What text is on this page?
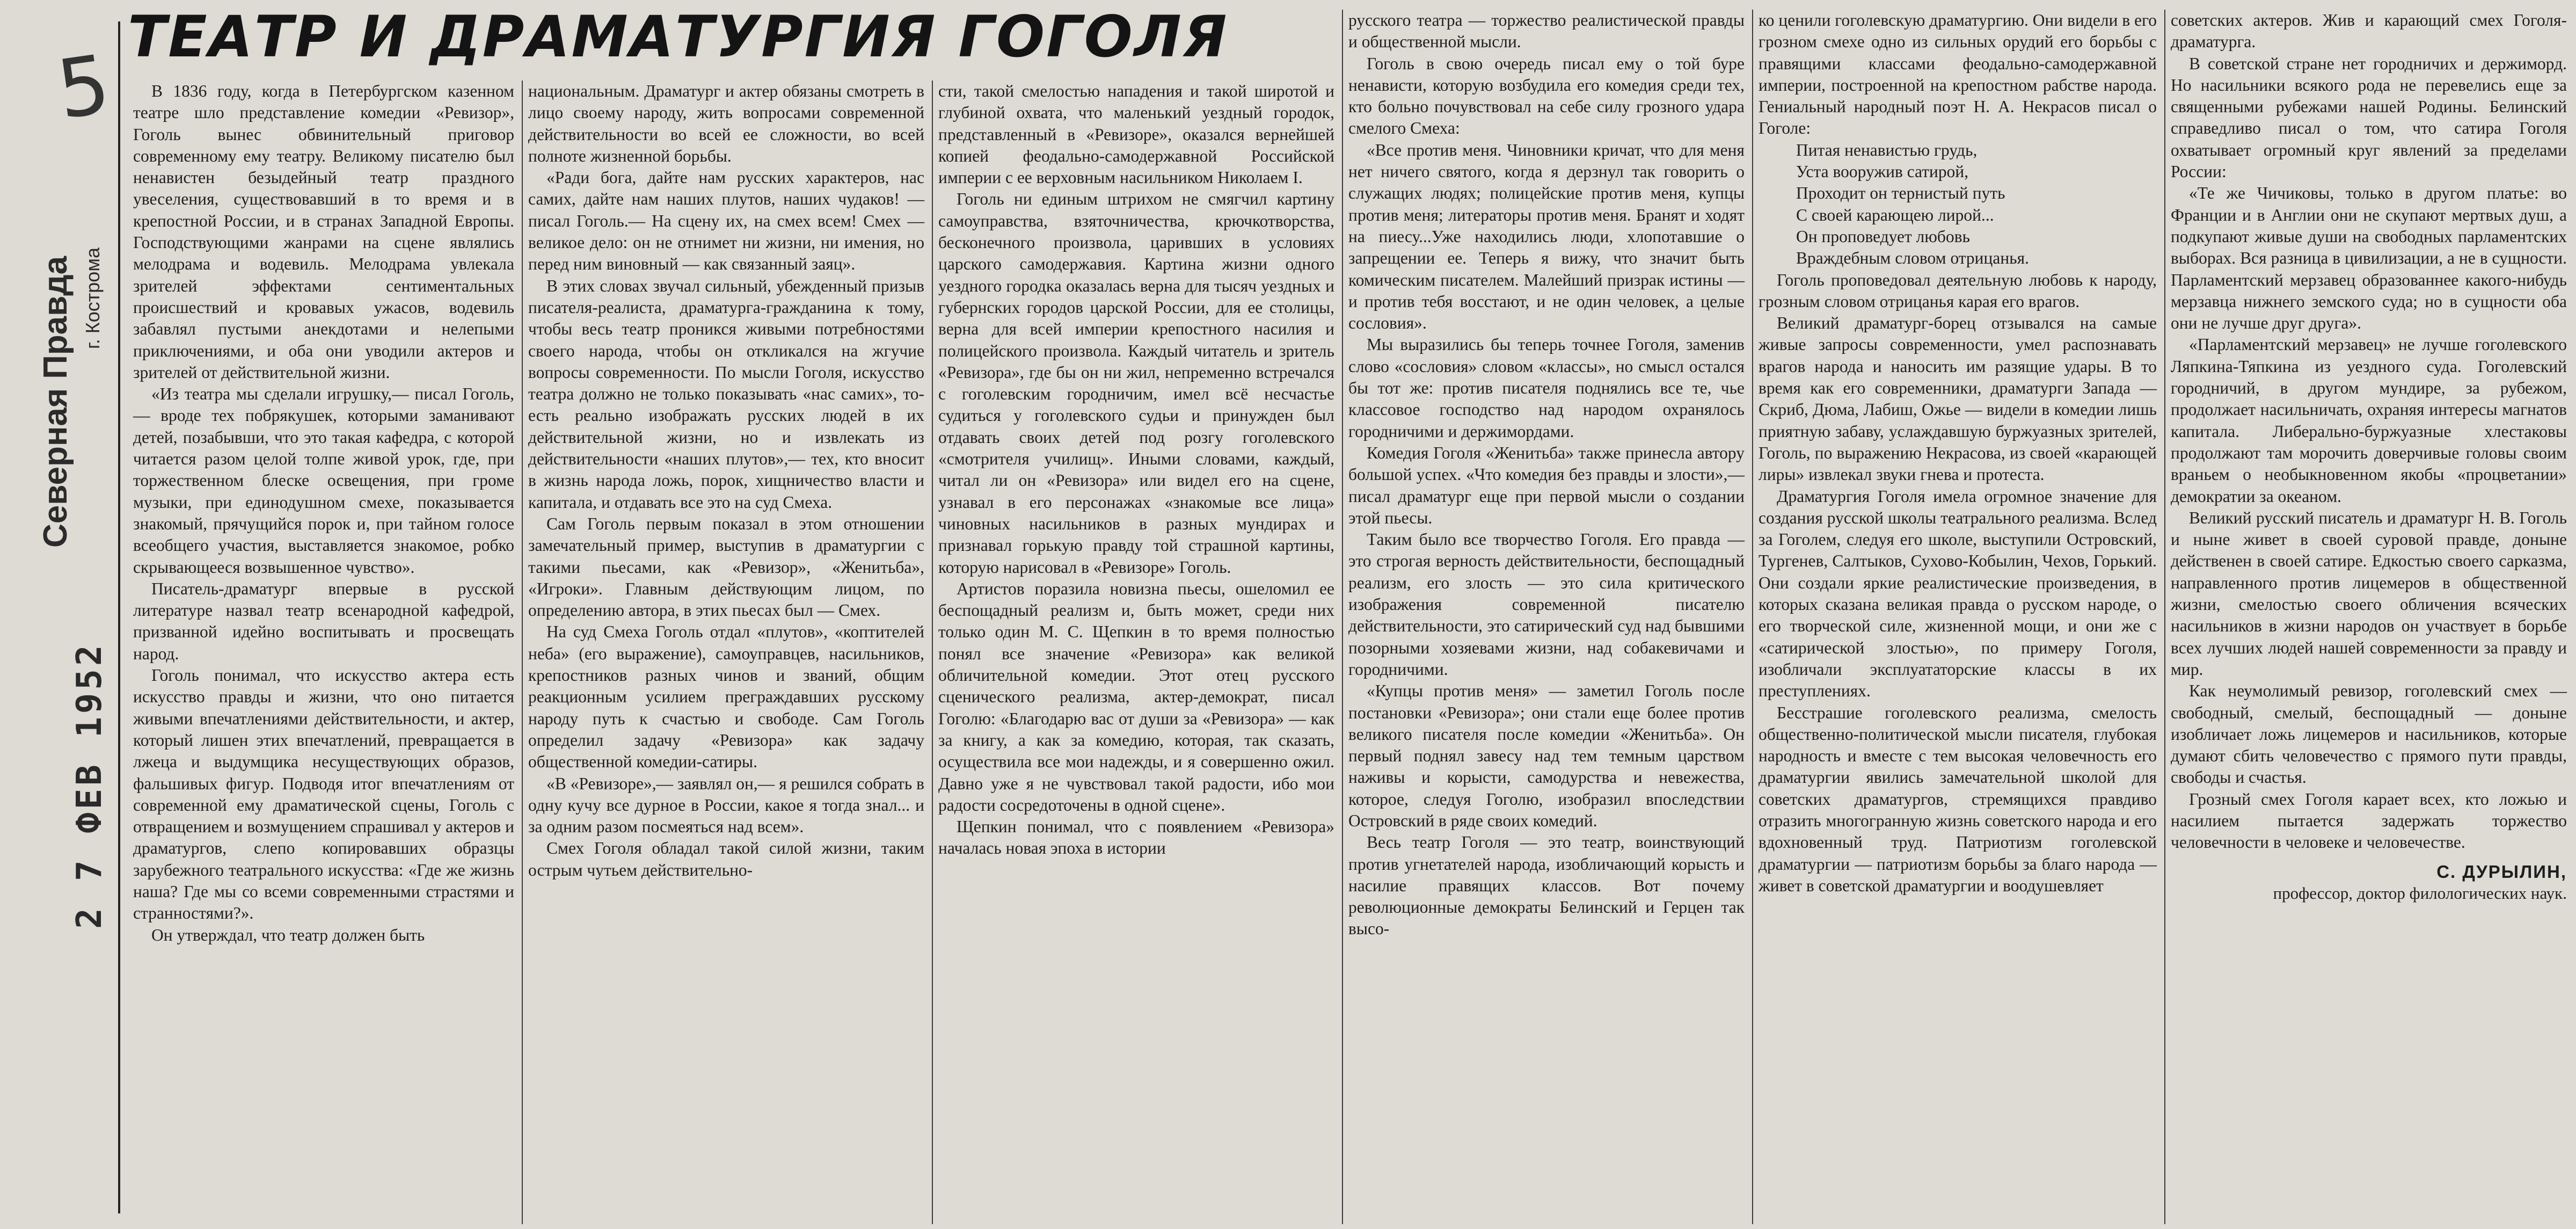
5
Северная Правда г. Кострома
2 7 ФЕВ 1952
ТЕАТР И ДРАМАТУРГИЯ ГОГОЛЯ

В 1836 году, когда в Петербургском казенном театре шло представление комедии «Ревизор», Гоголь вынес обвинительный приговор современному ему театру. Великому писателю был ненавистен безыдейный театр праздного увеселения, существовавший в то время и в крепостной России, и в странах Западной Европы. Господствующими жанрами на сцене являлись мелодрама и водевиль. Мелодрама увлекала зрителей эффектами сентиментальных происшествий и кровавых ужасов, водевиль забавлял пустыми анекдотами и нелепыми приключениями, и оба они уводили актеров и зрителей от действительной жизни.

«Из театра мы сделали игрушку,— писал Гоголь,— вроде тех побрякушек, которыми заманивают детей, позабывши, что это такая кафедра, с которой читается разом целой толпе живой урок, где, при торжественном блеске освещения, при громе музыки, при единодушном смехе, показывается знакомый, прячущийся порок и, при тайном голосе всеобщего участия, выставляется знакомое, робко скрывающееся возвышенное чувство».

Писатель-драматург впервые в русской литературе назвал театр всенародной кафедрой, призванной идейно воспитывать и просвещать народ.

Гоголь понимал, что искусство актера есть искусство правды и жизни, что оно питается живыми впечатлениями действительности, и актер, который лишен этих впечатлений, превращается в лжеца и выдумщика несуществующих образов, фальшивых фигур. Подводя итог впечатлениям от современной ему драматической сцены, Гоголь с отвращением и возмущением спрашивал у актеров и драматургов, слепо копировавших образцы зарубежного театрального искусства: «Где же жизнь наша? Где мы со всеми современными страстями и странностями?».

Он утверждал, что театр должен быть

национальным. Драматург и актер обязаны смотреть в лицо своему народу, жить вопросами современной действительности во всей ее сложности, во всей полноте жизненной борьбы.

«Ради бога, дайте нам русских характеров, нас самих, дайте нам наших плутов, наших чудаков! — писал Гоголь.— На сцену их, на смех всем! Смех — великое дело: он не отнимет ни жизни, ни имения, но перед ним виновный — как связанный заяц».

В этих словах звучал сильный, убежденный призыв писателя-реалиста, драматурга-гражданина к тому, чтобы весь театр проникся живыми потребностями своего народа, чтобы он откликался на жгучие вопросы современности. По мысли Гоголя, искусство театра должно не только показывать «нас самих», то-есть реально изображать русских людей в их действительной жизни, но и извлекать из действительности «наших плутов»,— тех, кто вносит в жизнь народа ложь, порок, хищничество власти и капитала, и отдавать все это на суд Смеха.

Сам Гоголь первым показал в этом отношении замечательный пример, выступив в драматургии с такими пьесами, как «Ревизор», «Женитьба», «Игроки». Главным действующим лицом, по определению автора, в этих пьесах был — Смех.

На суд Смеха Гоголь отдал «плутов», «коптителей неба» (его выражение), самоуправцев, насильников, крепостников разных чинов и званий, общим реакционным усилием преграждавших русскому народу путь к счастью и свободе. Сам Гоголь определил задачу «Ревизора» как задачу общественной комедии-сатиры.

«В «Ревизоре»,— заявлял он,— я решился собрать в одну кучу все дурное в России, какое я тогда знал... и за одним разом посмеяться над всем».

Смех Гоголя обладал такой силой жизни, таким острым чутьем действительно-

сти, такой смелостью нападения и такой широтой и глубиной охвата, что маленький уездный городок, представленный в «Ревизоре», оказался вернейшей копией феодально-самодержавной Российской империи с ее верховным насильником Николаем I.

Гоголь ни единым штрихом не смягчил картину самоуправства, взяточничества, крючкотворства, бесконечного произвола, царивших в условиях царского самодержавия. Картина жизни одного уездного городка оказалась верна для тысяч уездных и губернских городов царской России, для ее столицы, верна для всей империи крепостного насилия и полицейского произвола. Каждый читатель и зритель «Ревизора», где бы он ни жил, непременно встречался с гоголевским городничим, имел всё несчастье судиться у гоголевского судьи и принужден был отдавать своих детей под розгу гоголевского «смотрителя училищ». Иными словами, каждый, читал ли он «Ревизора» или видел его на сцене, узнавал в его персонажах «знакомые все лица» чиновных насильников в разных мундирах и признавал горькую правду той страшной картины, которую нарисовал в «Ревизоре» Гоголь.

Артистов поразила новизна пьесы, ошеломил ее беспощадный реализм и, быть может, среди них только один М. С. Щепкин в то время полностью понял все значение «Ревизора» как великой обличительной комедии. Этот отец русского сценического реализма, актер-демократ, писал Гоголю: «Благодарю вас от души за «Ревизора» — как за книгу, а как за комедию, которая, так сказать, осуществила все мои надежды, и я совершенно ожил. Давно уже я не чувствовал такой радости, ибо мои радости сосредоточены в одной сцене».

Щепкин понимал, что с появлением «Ревизора» началась новая эпоха в истории

русского театра — торжество реалистической правды и общественной мысли.

Гоголь в свою очередь писал ему о той буре ненависти, которую возбудила его комедия среди тех, кто больно почувствовал на себе силу грозного удара смелого Смеха:

«Все против меня. Чиновники кричат, что для меня нет ничего святого, когда я дерзнул так говорить о служащих людях; полицейские против меня, купцы против меня; литераторы против меня. Бранят и ходят на пиесу...Уже находились люди, хлопотавшие о запрещении ее. Теперь я вижу, что значит быть комическим писателем. Малейший призрак истины — и против тебя восстают, и не один человек, а целые сословия».

Мы выразились бы теперь точнее Гоголя, заменив слово «сословия» словом «классы», но смысл остался бы тот же: против писателя поднялись все те, чье классовое господство над народом охранялось городничими и держимордами.

Комедия Гоголя «Женитьба» также принесла автору большой успех. «Что комедия без правды и злости»,— писал драматург еще при первой мысли о создании этой пьесы.

Таким было все творчество Гоголя. Его правда — это строгая верность действительности, беспощадный реализм, его злость — это сила критического изображения современной писателю действительности, это сатирический суд над бывшими позорными хозяевами жизни, над собакевичами и городничими.

«Купцы против меня» — заметил Гоголь после постановки «Ревизора»; они стали еще более против великого писателя после комедии «Женитьба». Он первый поднял завесу над тем темным царством наживы и корысти, самодурства и невежества, которое, следуя Гоголю, изобразил впоследствии Островский в ряде своих комедий.

Весь театр Гоголя — это театр, воинствующий против угнетателей народа, изобличающий корысть и насилие правящих классов. Вот почему революционные демократы Белинский и Герцен так высо-

ко ценили гоголевскую драматургию. Они видели в его грозном смехе одно из сильных орудий его борьбы с правящими классами феодально-самодержавной империи, построенной на крепостном рабстве народа. Гениальный народный поэт Н. А. Некрасов писал о Гоголе:

Питая ненавистью грудь,
Уста вооружив сатирой,
Проходит он тернистый путь
С своей карающею лирой...
Он проповедует любовь
Враждебным словом отрицанья.

Гоголь проповедовал деятельную любовь к народу, грозным словом отрицанья карая его врагов.

Великий драматург-борец отзывался на самые живые запросы современности, умел распознавать врагов народа и наносить им разящие удары. В то время как его современники, драматурги Запада — Скриб, Дюма, Лабиш, Ожье — видели в комедии лишь приятную забаву, услаждавшую буржуазных зрителей, Гоголь, по выражению Некрасова, из своей «карающей лиры» извлекал звуки гнева и протеста.

Драматургия Гоголя имела огромное значение для создания русской школы театрального реализма. Вслед за Гоголем, следуя его школе, выступили Островский, Тургенев, Салтыков, Сухово-Кобылин, Чехов, Горький. Они создали яркие реалистические произведения, в которых сказана великая правда о русском народе, о его творческой силе, жизненной мощи, и они же с «сатирической злостью», по примеру Гоголя, изобличали эксплуататорские классы в их преступлениях.

Бесстрашие гоголевского реализма, смелость общественно-политической мысли писателя, глубокая народность и вместе с тем высокая человечность его драматургии явились замечательной школой для советских драматургов, стремящихся правдиво отразить многогранную жизнь советского народа и его вдохновенный труд. Патриотизм гоголевской драматургии — патриотизм борьбы за благо народа — живет в советской драматургии и воодушевляет

советских актеров. Жив и карающий смех Гоголя-драматурга.

В советской стране нет городничих и держиморд. Но насильники всякого рода не перевелись еще за священными рубежами нашей Родины. Белинский справедливо писал о том, что сатира Гоголя охватывает огромный круг явлений за пределами России:

«Те же Чичиковы, только в другом платье: во Франции и в Англии они не скупают мертвых душ, а подкупают живые души на свободных парламентских выборах. Вся разница в цивилизации, а не в сущности. Парламентский мерзавец образованнее какого-нибудь мерзавца нижнего земского суда; но в сущности оба они не лучше друг друга».

«Парламентский мерзавец» не лучше гоголевского Ляпкина-Тяпкина из уездного суда. Гоголевский городничий, в другом мундире, за рубежом, продолжает насильничать, охраняя интересы магнатов капитала. Либерально-буржуазные хлестаковы продолжают там морочить доверчивые головы своим враньем о необыкновенном якобы «процветании» демократии за океаном.

Великий русский писатель и драматург Н. В. Гоголь и ныне живет в своей суровой правде, доныне действенен в своей сатире. Едкостью своего сарказма, направленного против лицемеров в общественной жизни, смелостью своего обличения всяческих насильников в жизни народов он участвует в борьбе всех лучших людей нашей современности за правду и мир.

Как неумолимый ревизор, гоголевский смех — свободный, смелый, беспощадный — доныне изобличает ложь лицемеров и насильников, которые думают сбить человечество с прямого пути правды, свободы и счастья.

Грозный смех Гоголя карает всех, кто ложью и насилием пытается задержать торжество человечности в человеке и человечестве.

С. ДУРЫЛИН,
профессор, доктор филологических наук.
